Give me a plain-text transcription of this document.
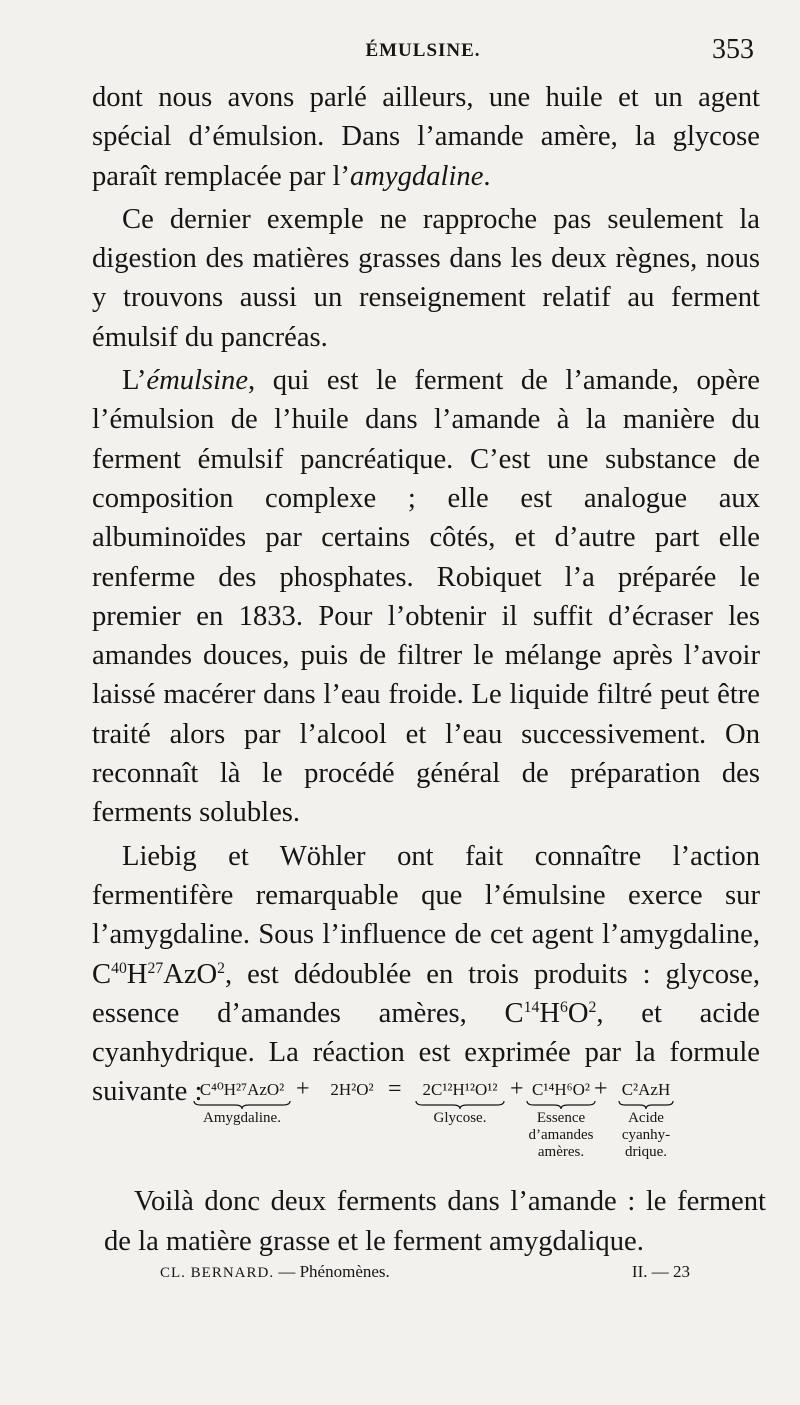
ÉMULSINE.	353

dont nous avons parlé ailleurs, une huile et un agent spécial d’émulsion. Dans l’amande amère, la glycose paraît remplacée par l’amygdaline.

Ce dernier exemple ne rapproche pas seulement la digestion des matières grasses dans les deux règnes, nous y trouvons aussi un renseignement relatif au ferment émulsif du pancréas.

L’émulsine, qui est le ferment de l’amande, opère l’émulsion de l’huile dans l’amande à la manière du ferment émulsif pancréatique. C’est une substance de composition complexe ; elle est analogue aux albuminoïdes par certains côtés, et d’autre part elle renferme des phosphates. Robiquet l’a préparée le premier en 1833. Pour l’obtenir il suffit d’écraser les amandes douces, puis de filtrer le mélange après l’avoir laissé macérer dans l’eau froide. Le liquide filtré peut être traité alors par l’alcool et l’eau successivement. On reconnaît là le procédé général de préparation des ferments solubles.

Liebig et Wöhler ont fait connaître l’action fermentifère remarquable que l’émulsine exerce sur l’amygdaline. Sous l’influence de cet agent l’amygdaline, $C^{40}H^{27}AzO^2$, est dédoublée en trois produits : glycose, essence d’amandes amères, $C^{14}H^6O^2$, et acide cyanhydrique. La réaction est exprimée par la formule suivante :

C⁴⁰H²⁷AzO²
Amygdaline.
+	2H²O² =	2C¹²H¹²O¹²
Glycose.
+ C¹⁴H⁶O²
Essence
d’amandes
amères.
+ C²AzH
Acide
cyanhy-
drique.

Voilà donc deux ferments dans l’amande : le ferment de la matière grasse et le ferment amygdalique.

CL. BERNARD. — Phénomènes.	II. — 23
